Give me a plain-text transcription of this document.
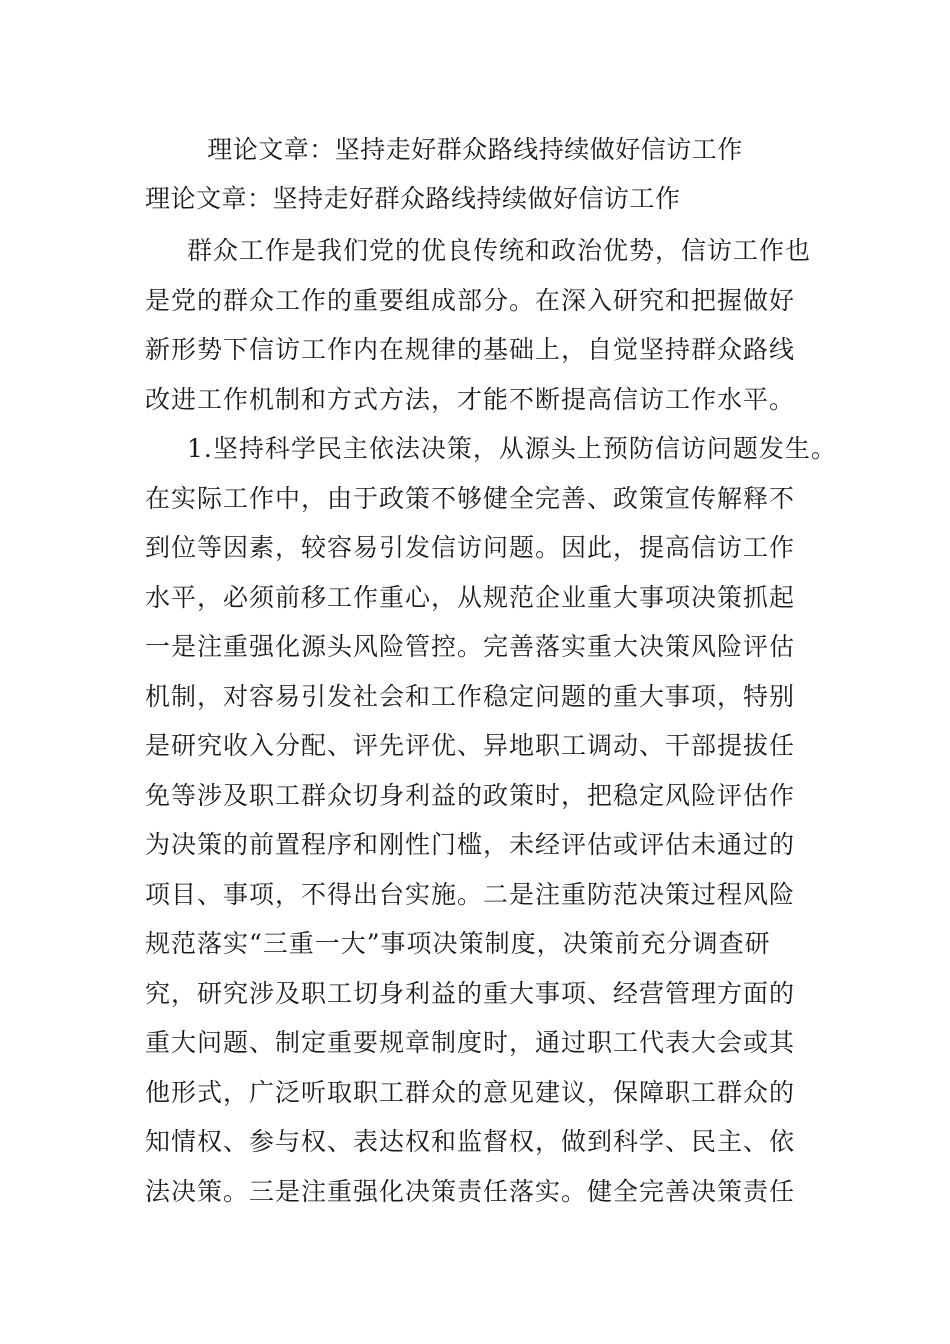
理论文章：坚持走好群众路线持续做好信访工作
理论文章：坚持走好群众路线持续做好信访工作
群众工作是我们党的优良传统和政治优势，信访工作也
是党的群众工作的重要组成部分。在深入研究和把握做好
新形势下信访工作内在规律的基础上，自觉坚持群众路线
改进工作机制和方式方法，才能不断提高信访工作水平。
1.坚持科学民主依法决策，从源头上预防信访问题发生。
在实际工作中，由于政策不够健全完善、政策宣传解释不
到位等因素，较容易引发信访问题。因此，提高信访工作
水平，必须前移工作重心，从规范企业重大事项决策抓起
一是注重强化源头风险管控。完善落实重大决策风险评估
机制，对容易引发社会和工作稳定问题的重大事项，特别
是研究收入分配、评先评优、异地职工调动、干部提拔任
免等涉及职工群众切身利益的政策时，把稳定风险评估作
为决策的前置程序和刚性门槛，未经评估或评估未通过的
项目、事项，不得出台实施。二是注重防范决策过程风险
规范落实“三重一大”事项决策制度，决策前充分调查研
究，研究涉及职工切身利益的重大事项、经营管理方面的
重大问题、制定重要规章制度时，通过职工代表大会或其
他形式，广泛听取职工群众的意见建议，保障职工群众的
知情权、参与权、表达权和监督权，做到科学、民主、依
法决策。三是注重强化决策责任落实。健全完善决策责任
